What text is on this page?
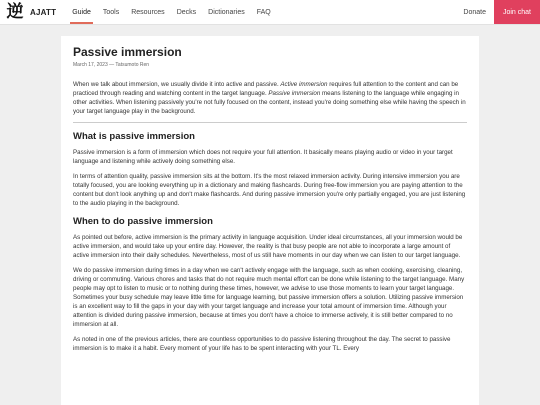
逆 AJATT	Guide	Tools	Resources	Decks	Dictionaries	FAQ	Donate	Join chat
Passive immersion
March 17, 2023 — Tatsumoto Ren

When we talk about immersion, we usually divide it into active and passive. Active immersion requires full attention to the content and can be practiced through reading and watching content in the target language. Passive immersion means listening to the language while engaging in other activities. When listening passively you're not fully focused on the content, instead you're doing something else while having the speech in your target language play in the background.

What is passive immersion

Passive immersion is a form of immersion which does not require your full attention. It basically means playing audio or video in your target language and listening while actively doing something else.

In terms of attention quality, passive immersion sits at the bottom. It's the most relaxed immersion activity. During intensive immersion you are totally focused, you are looking everything up in a dictionary and making flashcards. During free-flow immersion you are paying attention to the content but don't look anything up and don't make flashcards. And during passive immersion you're only partially engaged, you are just listening to the audio playing in the background.

When to do passive immersion

As pointed out before, active immersion is the primary activity in language acquisition. Under ideal circumstances, all your immersion would be active immersion, and would take up your entire day. However, the reality is that busy people are not able to incorporate a large amount of active immersion into their daily schedules. Nevertheless, most of us still have moments in our day when we can listen to our target language.

We do passive immersion during times in a day when we can't actively engage with the language, such as when cooking, exercising, cleaning, driving or commuting. Various chores and tasks that do not require much mental effort can be done while listening to the target language. Many people may opt to listen to music or to nothing during these times, however, we advise to use those moments to learn your target language. Sometimes your busy schedule may leave little time for language learning, but passive immersion offers a solution. Utilizing passive immersion is an excellent way to fill the gaps in your day with your target language and increase your total amount of immersion time. Although your attention is divided during passive immersion, because at times you don't have a choice to immerse actively, it is still better compared to no immersion at all.

As noted in one of the previous articles, there are countless opportunities to do passive listening throughout the day. The secret to passive immersion is to make it a habit. Every moment of your life has to be spent interacting with your TL. Every
